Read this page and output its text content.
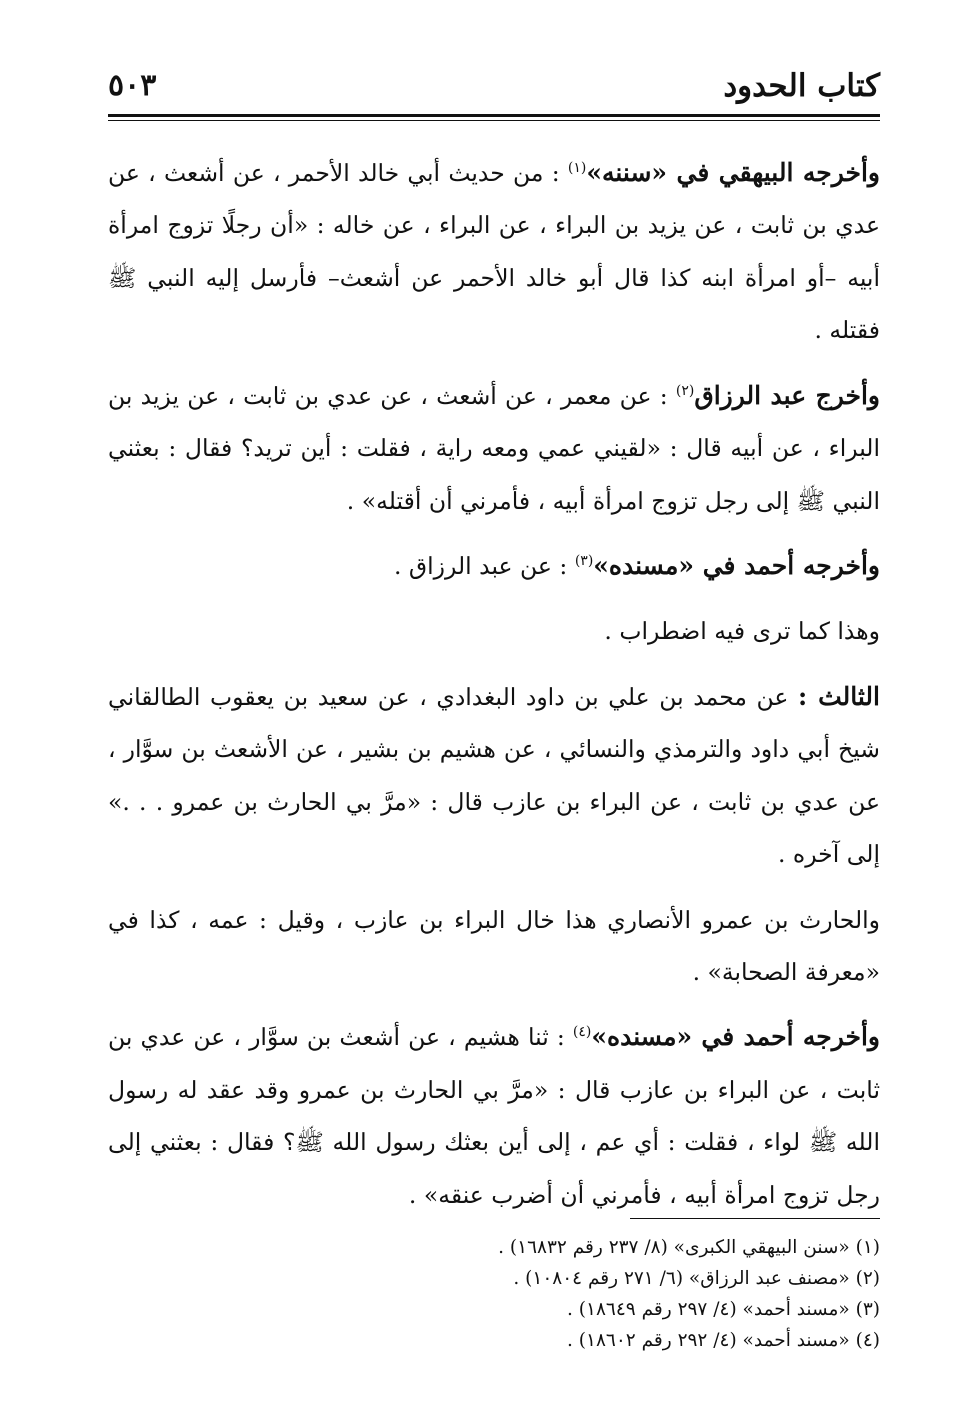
كتاب الحدود
٥٠٣

وأخرجه البيهقي في «سننه»$^{(١)}$ : من حديث أبي خالد الأحمر ، عن أشعث ، عن عدي بن ثابت ، عن يزيد بن البراء ، عن البراء ، عن خاله : «أن رجلًا تزوج امرأة أبيه –أو امرأة ابنه كذا قال أبو خالد الأحمر عن أشعث– فأرسل إليه النبي ﷺ فقتله .

وأخرج عبد الرزاق$^{(٢)}$ : عن معمر ، عن أشعث ، عن عدي بن ثابت ، عن يزيد بن البراء ، عن أبيه قال : «لقيني عمي ومعه راية ، فقلت : أين تريد؟ فقال : بعثني النبي ﷺ إلى رجل تزوج امرأة أبيه ، فأمرني أن أقتله» .

وأخرجه أحمد في «مسنده»$^{(٣)}$ : عن عبد الرزاق .

وهذا كما ترى فيه اضطراب .

الثالث : عن محمد بن علي بن داود البغدادي ، عن سعيد بن يعقوب الطالقاني شيخ أبي داود والترمذي والنسائي ، عن هشيم بن بشير ، عن الأشعث بن سوَّار ، عن عدي بن ثابت ، عن البراء بن عازب قال : «مرَّ بي الحارث بن عمرو . . .» إلى آخره .

والحارث بن عمرو الأنصاري هذا خال البراء بن عازب ، وقيل : عمه ، كذا في «معرفة الصحابة» .

وأخرجه أحمد في «مسنده»$^{(٤)}$ : ثنا هشيم ، عن أشعث بن سوَّار ، عن عدي بن ثابت ، عن البراء بن عازب قال : «مرَّ بي الحارث بن عمرو وقد عقد له رسول الله ﷺ لواء ، فقلت : أي عم ، إلى أين بعثك رسول الله ﷺ؟ فقال : بعثني إلى رجل تزوج امرأة أبيه ، فأمرني أن أضرب عنقه» .

(١) «سنن البيهقي الكبرى» (٨/ ٢٣٧ رقم ١٦٨٣٢) .
(٢) «مصنف عبد الرزاق» (٦/ ٢٧١ رقم ١٠٨٠٤) .
(٣) «مسند أحمد» (٤/ ٢٩٧ رقم ١٨٦٤٩) .
(٤) «مسند أحمد» (٤/ ٢٩٢ رقم ١٨٦٠٢) .
